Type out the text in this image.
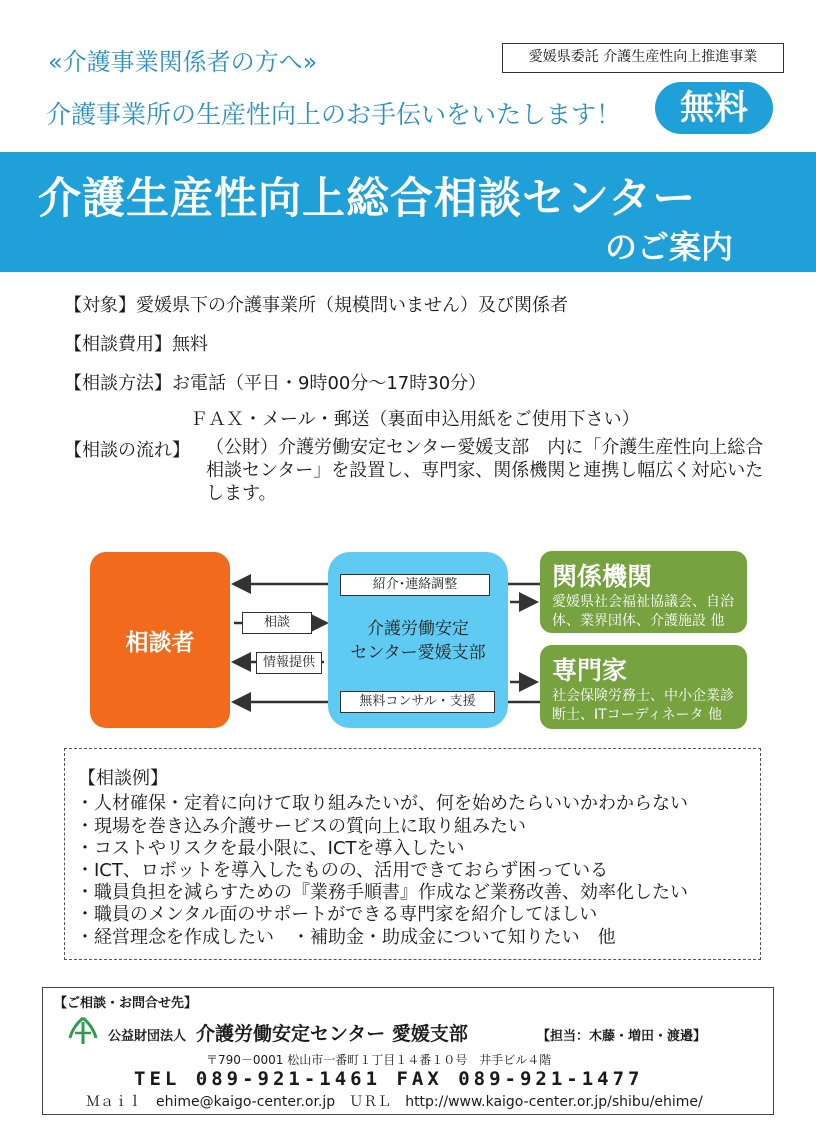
«介護事業関係者の方へ»	愛媛県委託 介護生産性向上推進事業
介護事業所の生産性向上のお手伝いをいたします！	無料
介護生産性向上総合相談センター
のご案内
【対象】愛媛県下の介護事業所（規模問いません）及び関係者
【相談費用】無料
【相談方法】お電話（平日・9時00分～17時30分）
ＦＡＸ・メール・郵送（裏面申込用紙をご使用下さい）
【相談の流れ】 （公財）介護労働安定センター愛媛支部　内に「介護生産性向上総合相談センター」を設置し、専門家、関係機関と連携し幅広く対応いたします。
相談者
介護労働安定
センター愛媛支部
紹介･連絡調整
相談
情報提供
無料コンサル・支援
関係機関
愛媛県社会福祉協議会、自治体、業界団体、介護施設 他
専門家
社会保険労務士、中小企業診断士、ITコーディネータ 他
【相談例】
・人材確保・定着に向けて取り組みたいが、何を始めたらいいかわからない
・現場を巻き込み介護サービスの質向上に取り組みたい
・コストやリスクを最小限に、ICTを導入したい
・ICT、ロボットを導入したものの、活用できておらず困っている
・職員負担を減らすための『業務手順書』作成など業務改善、効率化したい
・職員のメンタル面のサポートができる専門家を紹介してほしい
・経営理念を作成したい　・補助金・助成金について知りたい　他
【ご相談・お問合せ先】
公益財団法人 介護労働安定センター 愛媛支部	【担当：木藤・増田・渡邉】
〒790－0001 松山市一番町１丁目１４番１０号　井手ビル４階
TEL 089-921-1461 FAX 089-921-1477
Ｍａｉｌ　ehime@kaigo-center.or.jp　ＵＲＬ　http://www.kaigo-center.or.jp/shibu/ehime/
